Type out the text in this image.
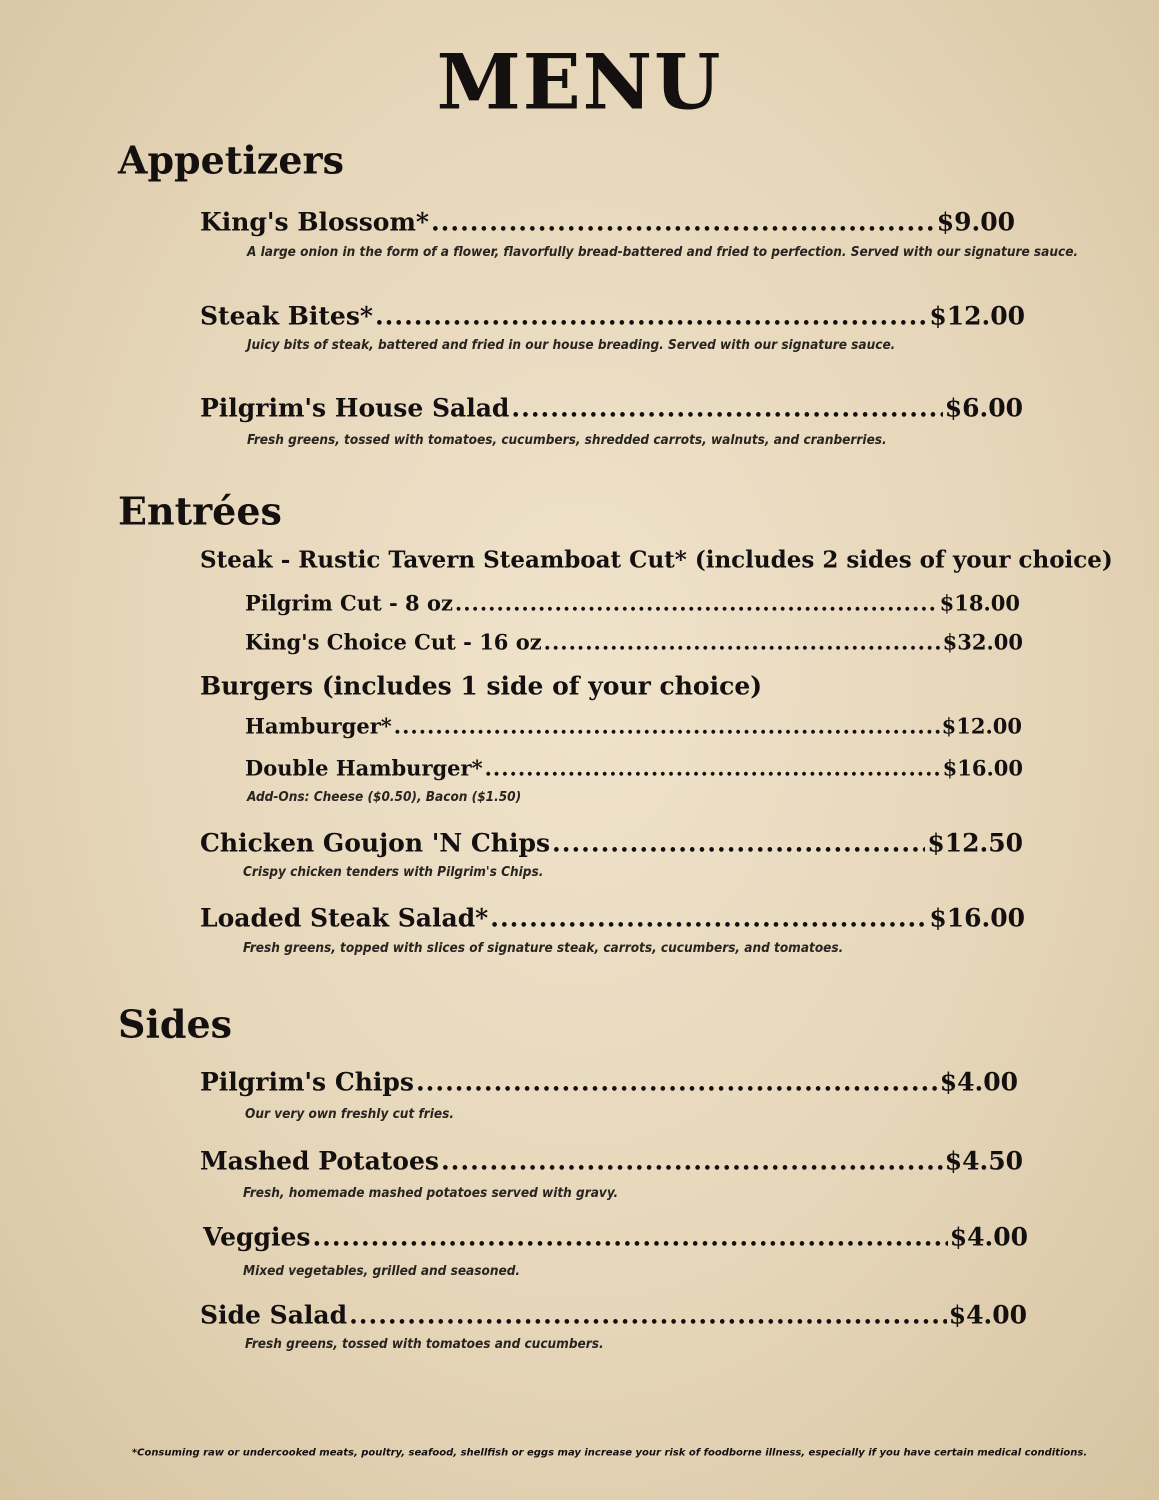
MENU
Appetizers
King's Blossom* .....	$9.00
A large onion in the form of a flower, flavorfully bread-battered and fried to perfection. Served with our signature sauce.
Steak Bites* .....	$12.00
Juicy bits of steak, battered and fried in our house breading. Served with our signature sauce.
Pilgrim's House Salad .....	$6.00
Fresh greens, tossed with tomatoes, cucumbers, shredded carrots, walnuts, and cranberries.
Entrées
Steak - Rustic Tavern Steamboat Cut* (includes 2 sides of your choice)
Pilgrim Cut - 8 oz .....	$18.00
King's Choice Cut - 16 oz .....	$32.00
Burgers (includes 1 side of your choice)
Hamburger* .....	$12.00
Double Hamburger* .....	$16.00
Add-Ons: Cheese ($0.50), Bacon ($1.50)
Chicken Goujon 'N Chips .....	$12.50
Crispy chicken tenders with Pilgrim's Chips.
Loaded Steak Salad* .....	$16.00
Fresh greens, topped with slices of signature steak, carrots, cucumbers, and tomatoes.
Sides
Pilgrim's Chips .....	$4.00
Our very own freshly cut fries.
Mashed Potatoes .....	$4.50
Fresh, homemade mashed potatoes served with gravy.
Veggies .....	$4.00
Mixed vegetables, grilled and seasoned.
Side Salad .....	$4.00
Fresh greens, tossed with tomatoes and cucumbers.
*Consuming raw or undercooked meats, poultry, seafood, shellfish or eggs may increase your risk of foodborne illness, especially if you have certain medical conditions.
